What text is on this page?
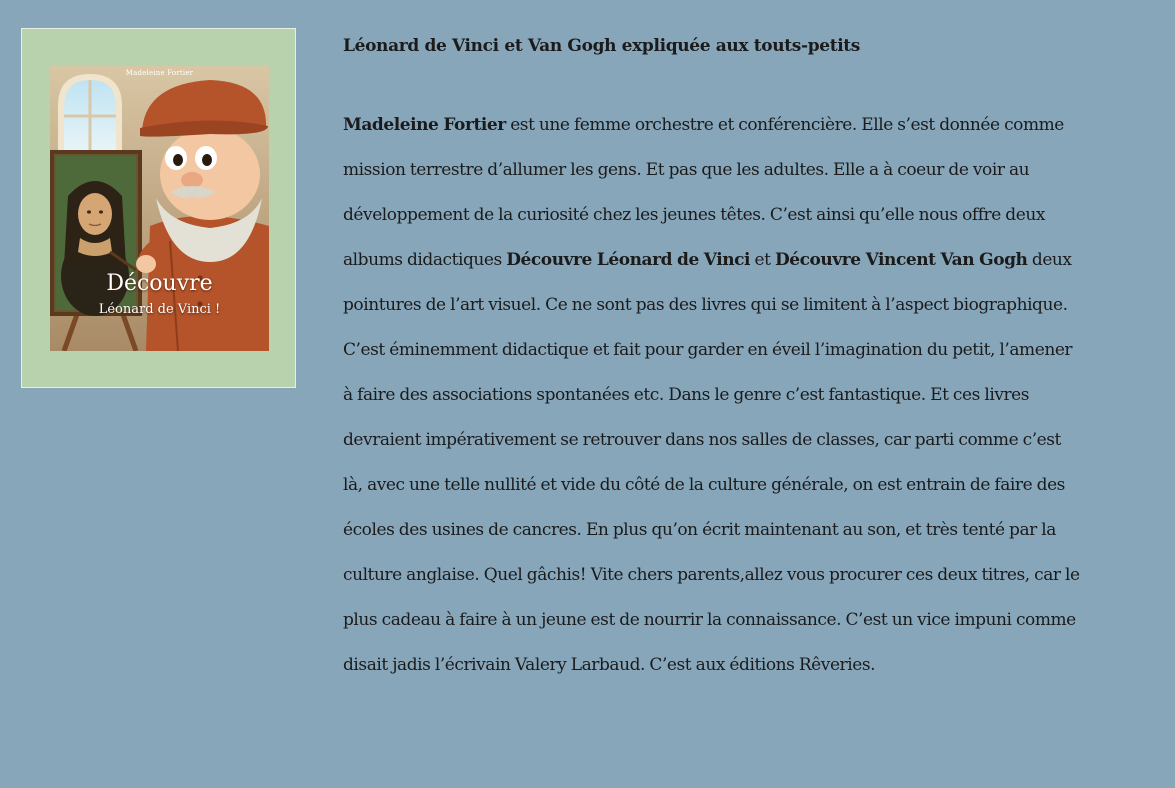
Madeleine Fortier
Découvre
Léonard de Vinci !
Léonard de Vinci et Van Gogh expliquée aux touts-petits

Madeleine Fortier est une femme orchestre et conférencière. Elle s’est donnée comme
mission terrestre d’allumer les gens. Et pas que les adultes. Elle a à coeur de voir au
développement de la curiosité chez les jeunes têtes. C’est ainsi qu’elle nous offre deux
albums didactiques Découvre Léonard de Vinci et Découvre Vincent Van Gogh deux
pointures de l’art visuel. Ce ne sont pas des livres qui se limitent à l’aspect biographique.
C’est éminemment didactique et fait pour garder en éveil l’imagination du petit, l’amener
à faire des associations spontanées etc. Dans le genre c’est fantastique. Et ces livres
devraient impérativement se retrouver dans nos salles de classes, car parti comme c’est
là, avec une telle nullité et vide du côté de la culture générale, on est entrain de faire des
écoles des usines de cancres. En plus qu’on écrit maintenant au son, et très tenté par la
culture anglaise. Quel gâchis! Vite chers parents,allez vous procurer ces deux titres, car le
plus cadeau à faire à un jeune est de nourrir la connaissance. C’est un vice impuni comme
disait jadis l’écrivain Valery Larbaud. C’est aux éditions Rêveries.
